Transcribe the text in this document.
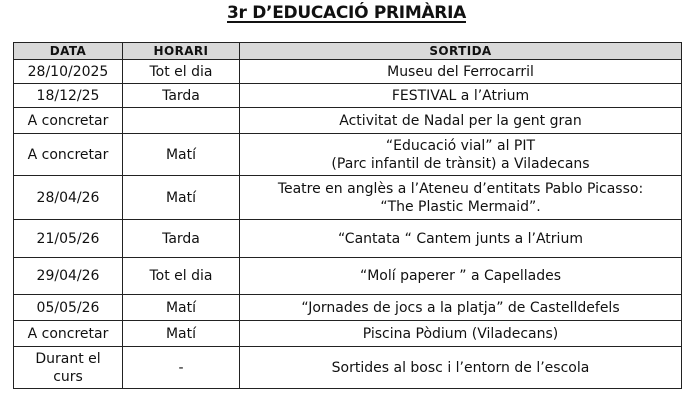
3r D’EDUCACIÓ PRIMÀRIA
DATA	HORARI	SORTIDA
28/10/2025	Tot el dia	Museu del Ferrocarril
18/12/25	Tarda	FESTIVAL a l’Atrium
A concretar		Activitat de Nadal per la gent gran
A concretar	Matí	“Educació vial” al PIT
(Parc infantil de trànsit) a Viladecans
28/04/26	Matí	Teatre en anglès a l’Ateneu d’entitats Pablo Picasso:
“The Plastic Mermaid”.
21/05/26	Tarda	“Cantata “ Cantem junts a l’Atrium
29/04/26	Tot el dia	“Molí paperer ” a Capellades
05/05/26	Matí	“Jornades de jocs a la platja” de Castelldefels
A concretar	Matí	Piscina Pòdium (Viladecans)
Durant el
curs	-	Sortides al bosc i l’entorn de l’escola
